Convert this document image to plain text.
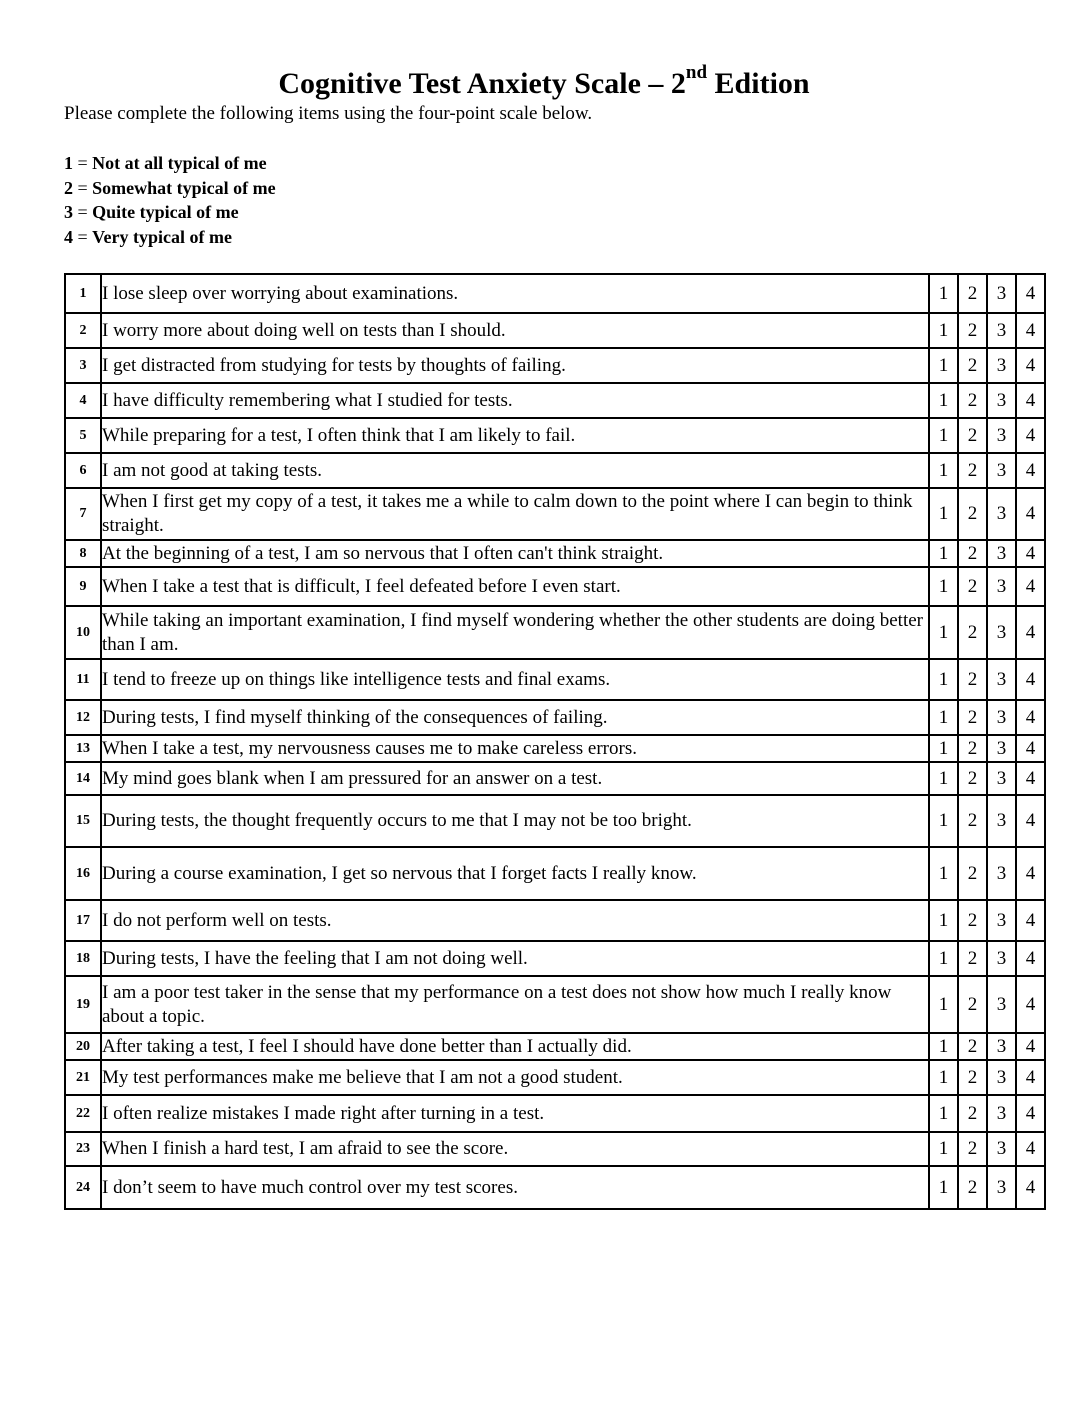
Cognitive Test Anxiety Scale – 2nd Edition
Please complete the following items using the four-point scale below.
1 = Not at all typical of me
2 = Somewhat typical of me
3 = Quite typical of me
4 = Very typical of me
1	I lose sleep over worrying about examinations.	1	2	3	4
2	I worry more about doing well on tests than I should.	1	2	3	4
3	I get distracted from studying for tests by thoughts of failing.	1	2	3	4
4	I have difficulty remembering what I studied for tests.	1	2	3	4
5	While preparing for a test, I often think that I am likely to fail.	1	2	3	4
6	I am not good at taking tests.	1	2	3	4
7	When I first get my copy of a test, it takes me a while to calm down to the point where I can begin to think straight.	1	2	3	4
8	At the beginning of a test, I am so nervous that I often can't think straight.	1	2	3	4
9	When I take a test that is difficult, I feel defeated before I even start.	1	2	3	4
10	While taking an important examination, I find myself wondering whether the other students are doing better than I am.	1	2	3	4
11	I tend to freeze up on things like intelligence tests and final exams.	1	2	3	4
12	During tests, I find myself thinking of the consequences of failing.	1	2	3	4
13	When I take a test, my nervousness causes me to make careless errors.	1	2	3	4
14	My mind goes blank when I am pressured for an answer on a test.	1	2	3	4
15	During tests, the thought frequently occurs to me that I may not be too bright.	1	2	3	4
16	During a course examination, I get so nervous that I forget facts I really know.	1	2	3	4
17	I do not perform well on tests.	1	2	3	4
18	During tests, I have the feeling that I am not doing well.	1	2	3	4
19	I am a poor test taker in the sense that my performance on a test does not show how much I really know about a topic.	1	2	3	4
20	After taking a test, I feel I should have done better than I actually did.	1	2	3	4
21	My test performances make me believe that I am not a good student.	1	2	3	4
22	I often realize mistakes I made right after turning in a test.	1	2	3	4
23	When I finish a hard test, I am afraid to see the score.	1	2	3	4
24	I don’t seem to have much control over my test scores.	1	2	3	4
